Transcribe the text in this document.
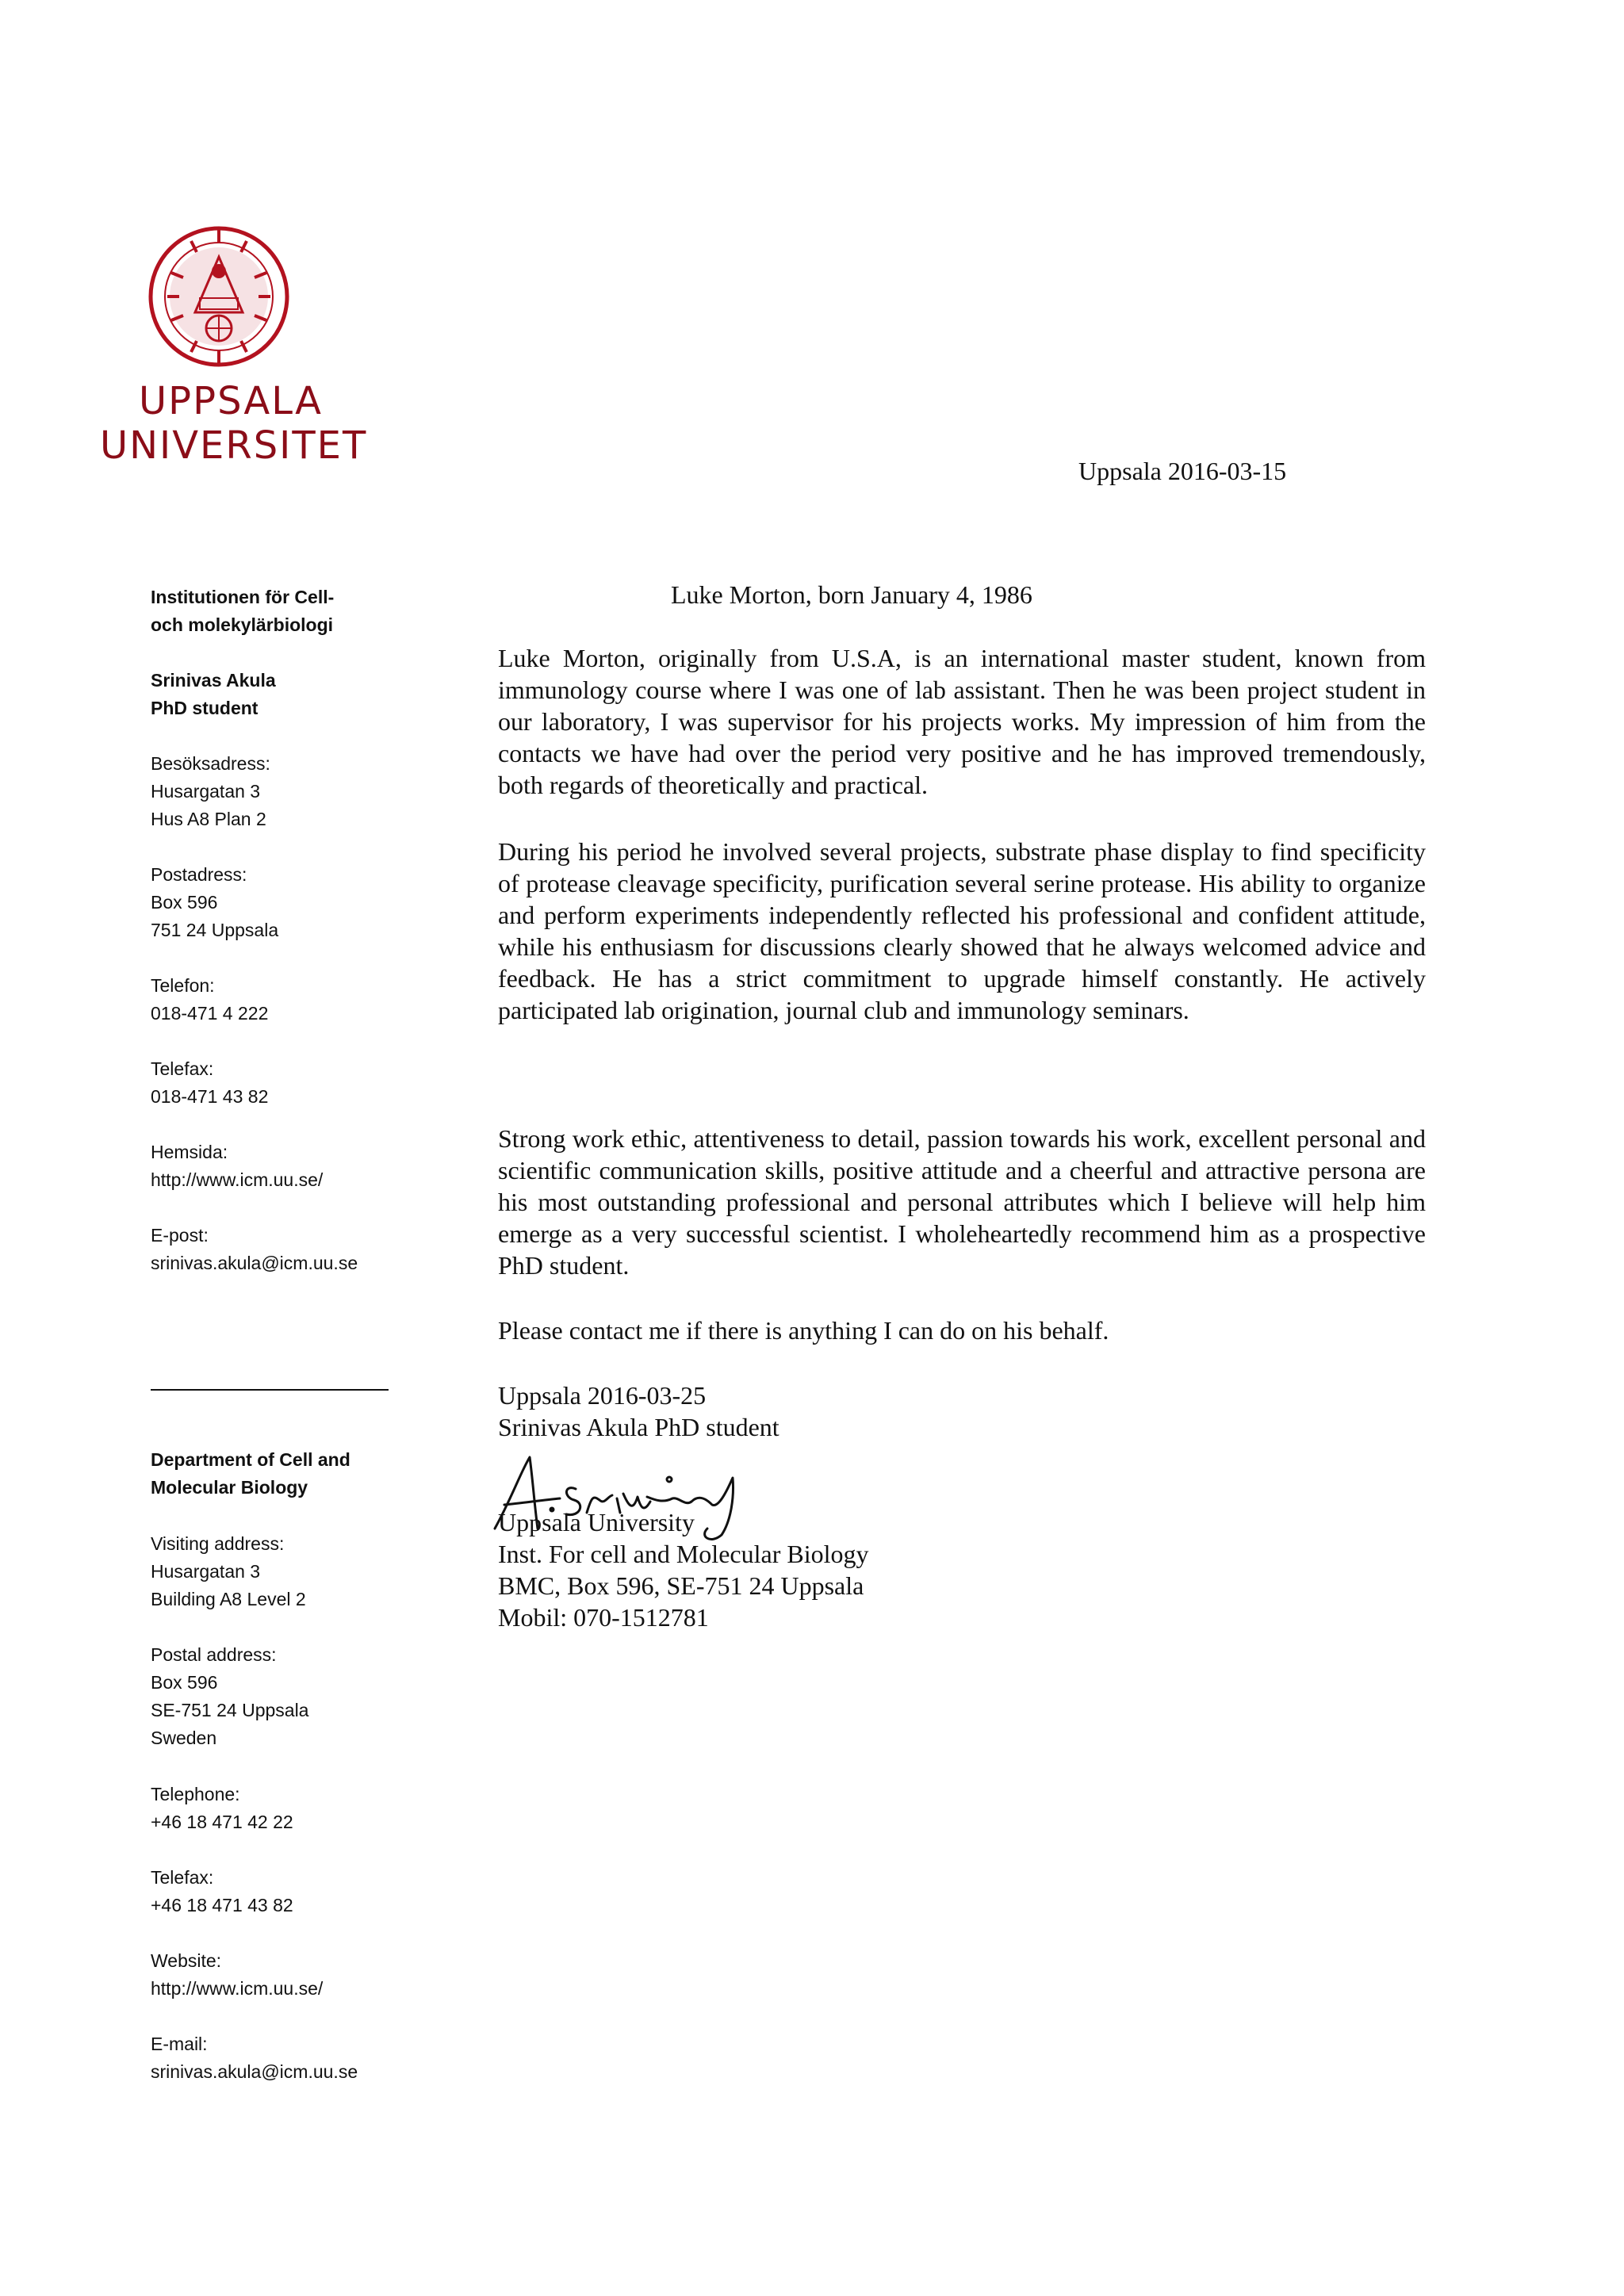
UPPSALA
UNIVERSITET
Uppsala 2016-03-15
Institutionen för Cell-
och molekylärbiologi
Srinivas Akula
PhD student
Besöksadress:
Husargatan 3
Hus A8 Plan 2
Postadress:
Box 596
751 24 Uppsala
Telefon:
018-471 4 222
Telefax:
018-471 43 82
Hemsida:
http://www.icm.uu.se/
E-post:
srinivas.akula@icm.uu.se
Department of Cell and
Molecular Biology
Visiting address:
Husargatan 3
Building A8 Level 2
Postal address:
Box 596
SE-751 24 Uppsala
Sweden
Telephone:
+46 18 471 42 22
Telefax:
+46 18 471 43 82
Website:
http://www.icm.uu.se/
E-mail:
srinivas.akula@icm.uu.se
Luke Morton, born January 4, 1986

Luke Morton, originally from U.S.A, is an international master student, known from immunology course where I was one of lab assistant. Then he was been project student in our laboratory, I was supervisor for his projects works. My impression of him from the contacts we have had over the period very positive and he has improved tremendously, both regards of theoretically and practical.

During his period he involved several projects, substrate phase display to find specificity of protease cleavage specificity, purification several serine protease. His ability to organize and perform experiments independently reflected his professional and confident attitude, while his enthusiasm for discussions clearly showed that he always welcomed advice and feedback. He has a strict commitment to upgrade himself constantly. He actively participated lab origination, journal club and immunology seminars.

Strong work ethic, attentiveness to detail, passion towards his work, excellent personal and scientific communication skills, positive attitude and a cheerful and attractive persona are his most outstanding professional and personal attributes which I believe will help him emerge as a very successful scientist. I wholeheartedly recommend him as a prospective PhD student.

Please contact me if there is anything I can do on his behalf.

Uppsala 2016-03-25
Srinivas Akula PhD student
Uppsala University
Inst. For cell and Molecular Biology
BMC, Box 596, SE-751 24 Uppsala
Mobil: 070-1512781
